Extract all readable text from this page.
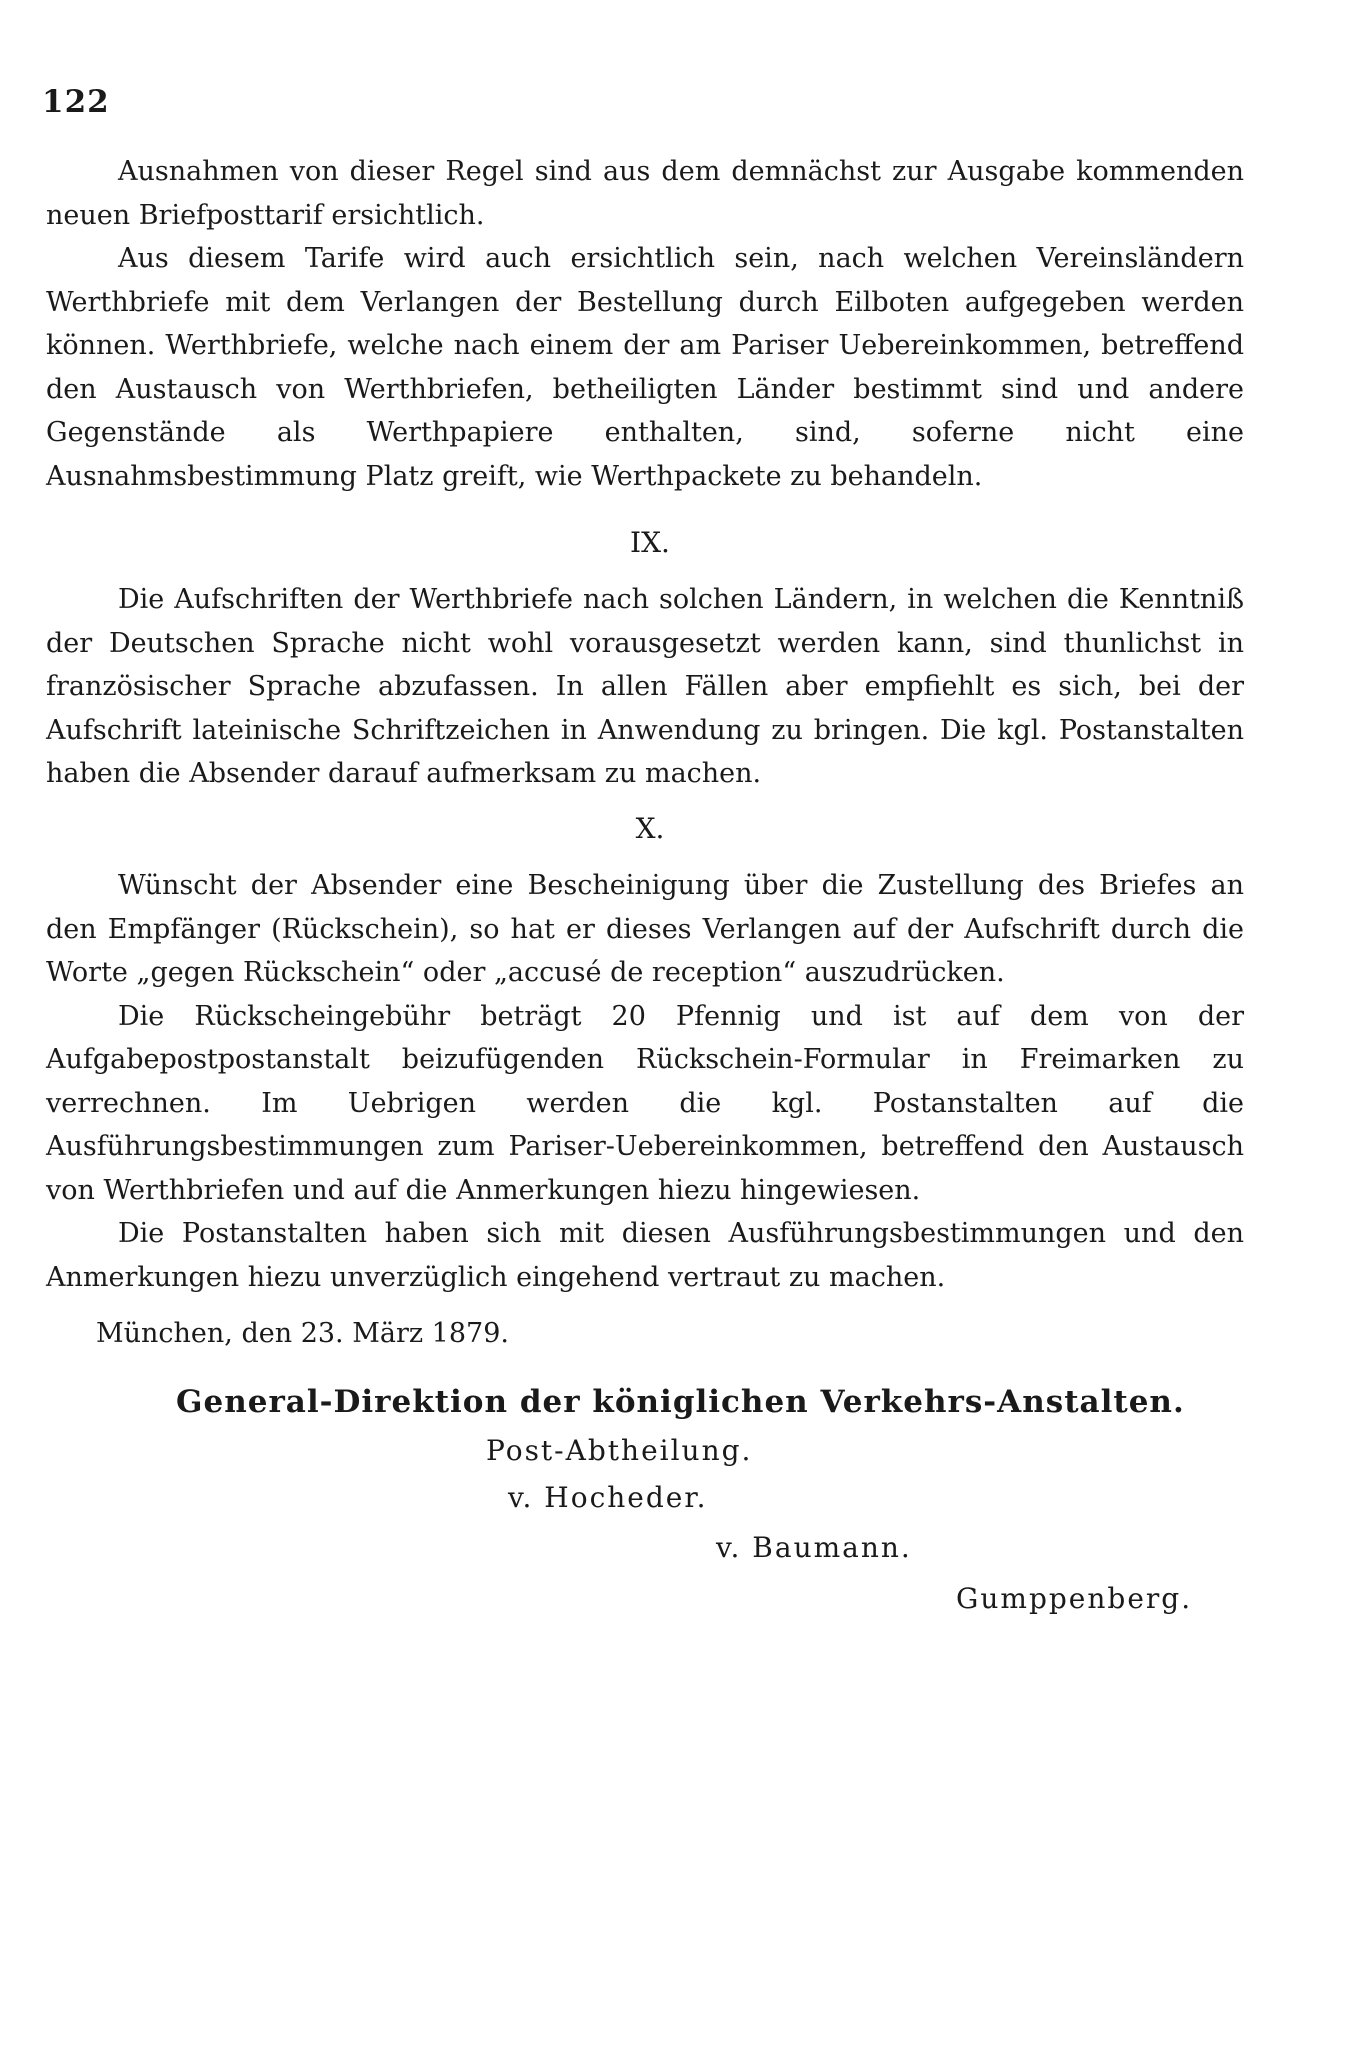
122

Ausnahmen von dieser Regel sind aus dem demnächst zur Ausgabe kommenden neuen Briefposttarif ersichtlich.

Aus diesem Tarife wird auch ersichtlich sein, nach welchen Vereinsländern Werthbriefe mit dem Verlangen der Bestellung durch Eilboten aufgegeben werden können. Werthbriefe, welche nach einem der am Pariser Uebereinkommen, betreffend den Austausch von Werthbriefen, betheiligten Länder bestimmt sind und andere Gegenstände als Werthpapiere enthalten, sind, soferne nicht eine Ausnahmsbestimmung Platz greift, wie Werthpackete zu behandeln.

IX.

Die Aufschriften der Werthbriefe nach solchen Ländern, in welchen die Kenntniß der Deutschen Sprache nicht wohl vorausgesetzt werden kann, sind thunlichst in französischer Sprache abzufassen. In allen Fällen aber empfiehlt es sich, bei der Aufschrift lateinische Schriftzeichen in Anwendung zu bringen. Die kgl. Postanstalten haben die Absender darauf aufmerksam zu machen.

X.

Wünscht der Absender eine Bescheinigung über die Zustellung des Briefes an den Empfänger (Rückschein), so hat er dieses Verlangen auf der Aufschrift durch die Worte „gegen Rückschein“ oder „accusé de reception“ auszudrücken.

Die Rückscheingebühr beträgt 20 Pfennig und ist auf dem von der Aufgabepostpostanstalt beizufügenden Rückschein-Formular in Freimarken zu verrechnen. Im Uebrigen werden die kgl. Postanstalten auf die Ausführungsbestimmungen zum Pariser-Uebereinkommen, betreffend den Austausch von Werthbriefen und auf die Anmerkungen hiezu hingewiesen.

Die Postanstalten haben sich mit diesen Ausführungsbestimmungen und den Anmerkungen hiezu unverzüglich eingehend vertraut zu machen.

München, den 23. März 1879.
General-Direktion der königlichen Verkehrs-Anstalten.
Post-Abtheilung.
v. Hocheder.
v. Baumann.
Gumppenberg.
